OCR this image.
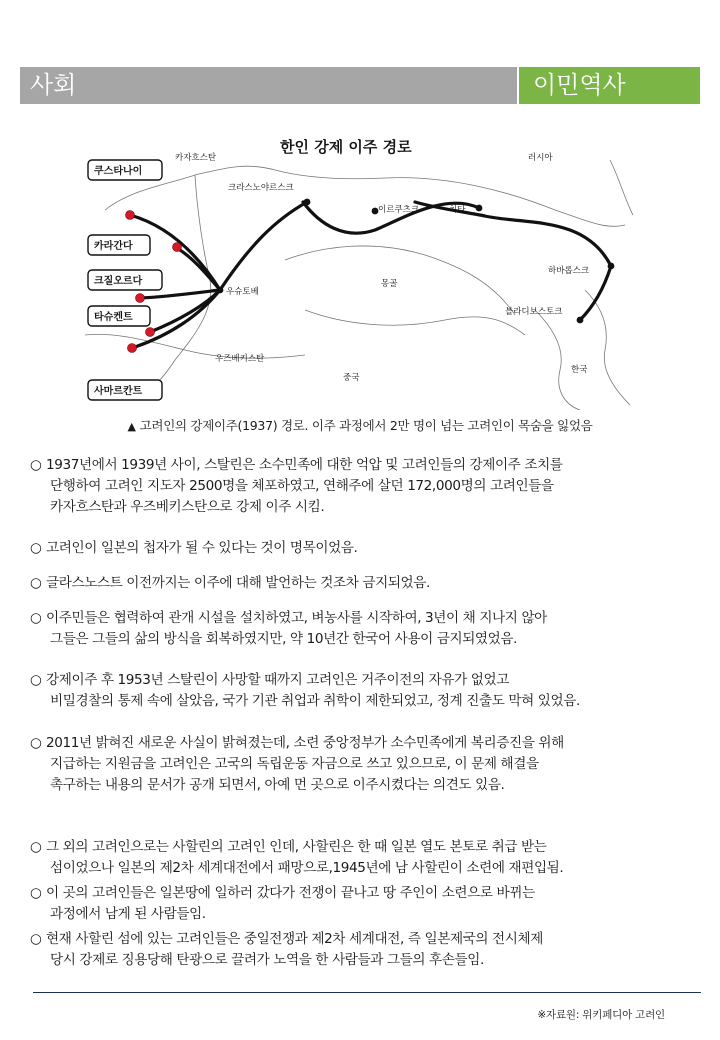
사회	이민역사
한인 강제 이주 경로
카자흐스탄	러시아
크라스노야르스크
이르쿠츠크	치타
하바롭스크
블라디보스토크
몽골
중국
한국
우즈베키스탄
우슈토베
쿠스타나이
카라간다
크질오르다
타슈켄트
사마르칸트
▲ 고려인의 강제이주(1937) 경로. 이주 과정에서 2만 명이 넘는 고려인이 목숨을 잃었음
○ 1937년에서 1939년 사이, 스탈린은 소수민족에 대한 억압 및 고려인들의 강제이주 조치를
단행하여 고려인 지도자 2500명을 체포하였고, 연해주에 살던 172,000명의 고려인들을
카자흐스탄과 우즈베키스탄으로 강제 이주 시킴.
○ 고려인이 일본의 첩자가 될 수 있다는 것이 명목이었음.
○ 글라스노스트 이전까지는 이주에 대해 발언하는 것조차 금지되었음.
○ 이주민들은 협력하여 관개 시설을 설치하였고, 벼농사를 시작하여, 3년이 채 지나지 않아
그들은 그들의 삶의 방식을 회복하였지만, 약 10년간 한국어 사용이 금지되였었음.
○ 강제이주 후 1953년 스탈린이 사망할 때까지 고려인은 거주이전의 자유가 없었고
비밀경찰의 통제 속에 살았음, 국가 기관 취업과 취학이 제한되었고, 정계 진출도 막혀 있었음.
○ 2011년 밝혀진 새로운 사실이 밝혀졌는데, 소련 중앙정부가 소수민족에게 복리증진을 위해
지급하는 지원금을 고려인은 고국의 독립운동 자금으로 쓰고 있으므로, 이 문제 해결을
촉구하는 내용의 문서가 공개 되면서, 아예 먼 곳으로 이주시켰다는 의견도 있음.
○ 그 외의 고려인으로는 사할린의 고려인 인데, 사할린은 한 때 일본 열도 본토로 취급 받는
섬이었으나 일본의 제2차 세계대전에서 패망으로,1945년에 남 사할린이 소련에 재편입됨.
○ 이 곳의 고려인들은 일본땅에 일하러 갔다가 전쟁이 끝나고 땅 주인이 소련으로 바뀌는
과정에서 남게 된 사람들임.
○ 현재 사할린 섬에 있는 고려인들은 중일전쟁과 제2차 세계대전, 즉 일본제국의 전시체제
당시 강제로 징용당해 탄광으로 끌려가 노역을 한 사람들과 그들의 후손들임.
※자료원: 위키페디아 고려인
